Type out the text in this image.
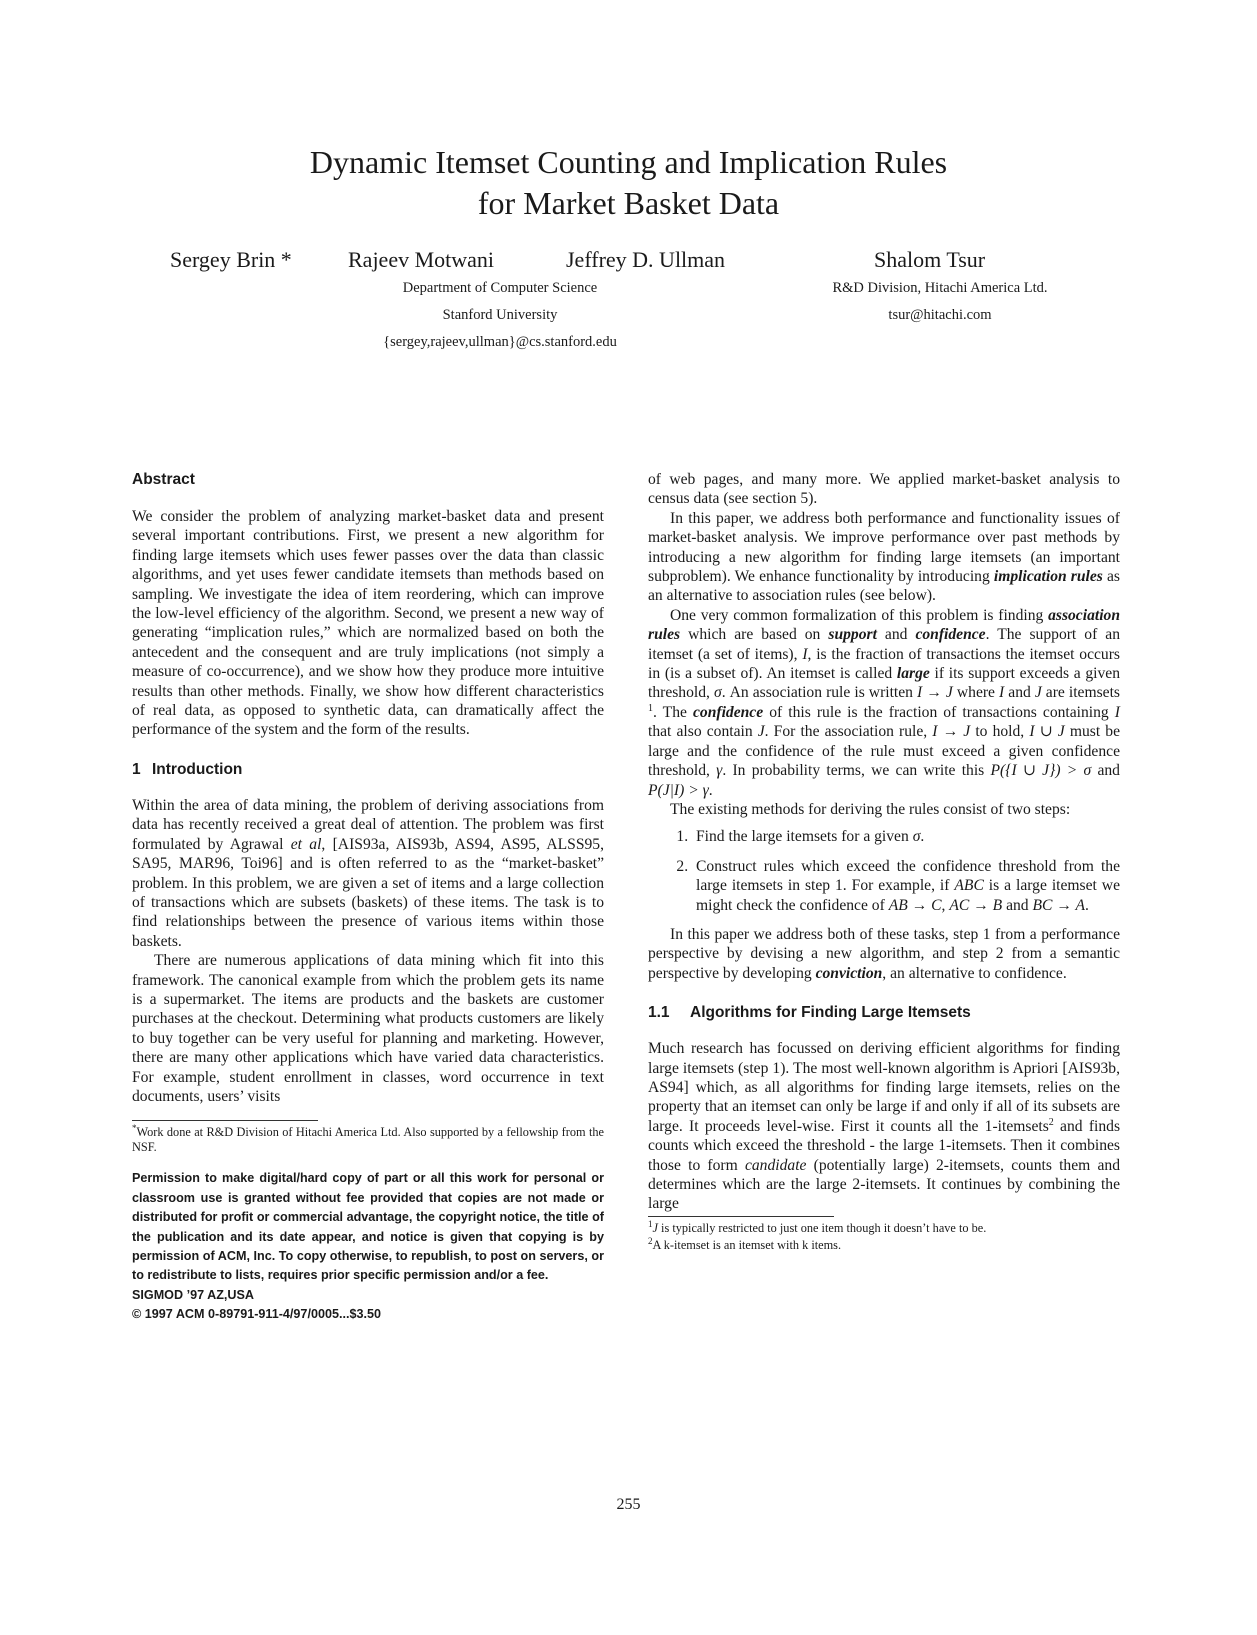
Dynamic Itemset Counting and Implication Rules
for Market Basket Data
Sergey Brin *	Rajeev Motwani	Jeffrey D. Ullman	Shalom Tsur
Department of Computer Science
Stanford University
{sergey,rajeev,ullman}@cs.stanford.edu
R&D Division, Hitachi America Ltd.
tsur@hitachi.com
Abstract

We consider the problem of analyzing market-basket data and present several important contributions. First, we present a new algorithm for finding large itemsets which uses fewer passes over the data than classic algorithms, and yet uses fewer candidate itemsets than methods based on sampling. We investigate the idea of item reordering, which can improve the low-level efficiency of the algorithm. Second, we present a new way of generating “implication rules,” which are normalized based on both the antecedent and the consequent and are truly implications (not simply a measure of co-occurrence), and we show how they produce more intuitive results than other methods. Finally, we show how different characteristics of real data, as opposed to synthetic data, can dramatically affect the performance of the system and the form of the results.

1 Introduction

Within the area of data mining, the problem of deriving associations from data has recently received a great deal of attention. The problem was first formulated by Agrawal et al, [AIS93a, AIS93b, AS94, AS95, ALSS95, SA95, MAR96, Toi96] and is often referred to as the “market-basket” problem. In this problem, we are given a set of items and a large collection of transactions which are subsets (baskets) of these items. The task is to find relationships between the presence of various items within those baskets.

There are numerous applications of data mining which fit into this framework. The canonical example from which the problem gets its name is a supermarket. The items are products and the baskets are customer purchases at the checkout. Determining what products customers are likely to buy together can be very useful for planning and marketing. However, there are many other applications which have varied data characteristics. For example, student enrollment in classes, word occurrence in text documents, users’ visits

*Work done at R&D Division of Hitachi America Ltd. Also supported by a fellowship from the NSF.

Permission to make digital/hard copy of part or all this work for personal or classroom use is granted without fee provided that copies are not made or distributed for profit or commercial advantage, the copyright notice, the title of the publication and its date appear, and notice is given that copying is by permission of ACM, Inc. To copy otherwise, to republish, to post on servers, or to redistribute to lists, requires prior specific permission and/or a fee.
SIGMOD ’97 AZ,USA
© 1997 ACM 0-89791-911-4/97/0005...$3.50

of web pages, and many more. We applied market-basket analysis to census data (see section 5).

In this paper, we address both performance and functionality issues of market-basket analysis. We improve performance over past methods by introducing a new algorithm for finding large itemsets (an important subproblem). We enhance functionality by introducing implication rules as an alternative to association rules (see below).

One very common formalization of this problem is finding association rules which are based on support and confidence. The support of an itemset (a set of items), I, is the fraction of transactions the itemset occurs in (is a subset of). An itemset is called large if its support exceeds a given threshold, σ. An association rule is written I → J where I and J are itemsets $^1$. The confidence of this rule is the fraction of transactions containing I that also contain J. For the association rule, I → J to hold, I ∪ J must be large and the confidence of the rule must exceed a given confidence threshold, γ. In probability terms, we can write this P({I ∪ J}) > σ and P(J|I) > γ.

The existing methods for deriving the rules consist of two steps:

1. Find the large itemsets for a given σ.
2. Construct rules which exceed the confidence threshold from the large itemsets in step 1. For example, if ABC is a large itemset we might check the confidence of AB → C, AC → B and BC → A.

In this paper we address both of these tasks, step 1 from a performance perspective by devising a new algorithm, and step 2 from a semantic perspective by developing conviction, an alternative to confidence.

1.1 Algorithms for Finding Large Itemsets

Much research has focussed on deriving efficient algorithms for finding large itemsets (step 1). The most well-known algorithm is Apriori [AIS93b, AS94] which, as all algorithms for finding large itemsets, relies on the property that an itemset can only be large if and only if all of its subsets are large. It proceeds level-wise. First it counts all the 1-itemsets$^2$ and finds counts which exceed the threshold - the large 1-itemsets. Then it combines those to form candidate (potentially large) 2-itemsets, counts them and determines which are the large 2-itemsets. It continues by combining the large

$^1$J is typically restricted to just one item though it doesn’t have to be.

$^2$A k-itemset is an itemset with k items.

255
